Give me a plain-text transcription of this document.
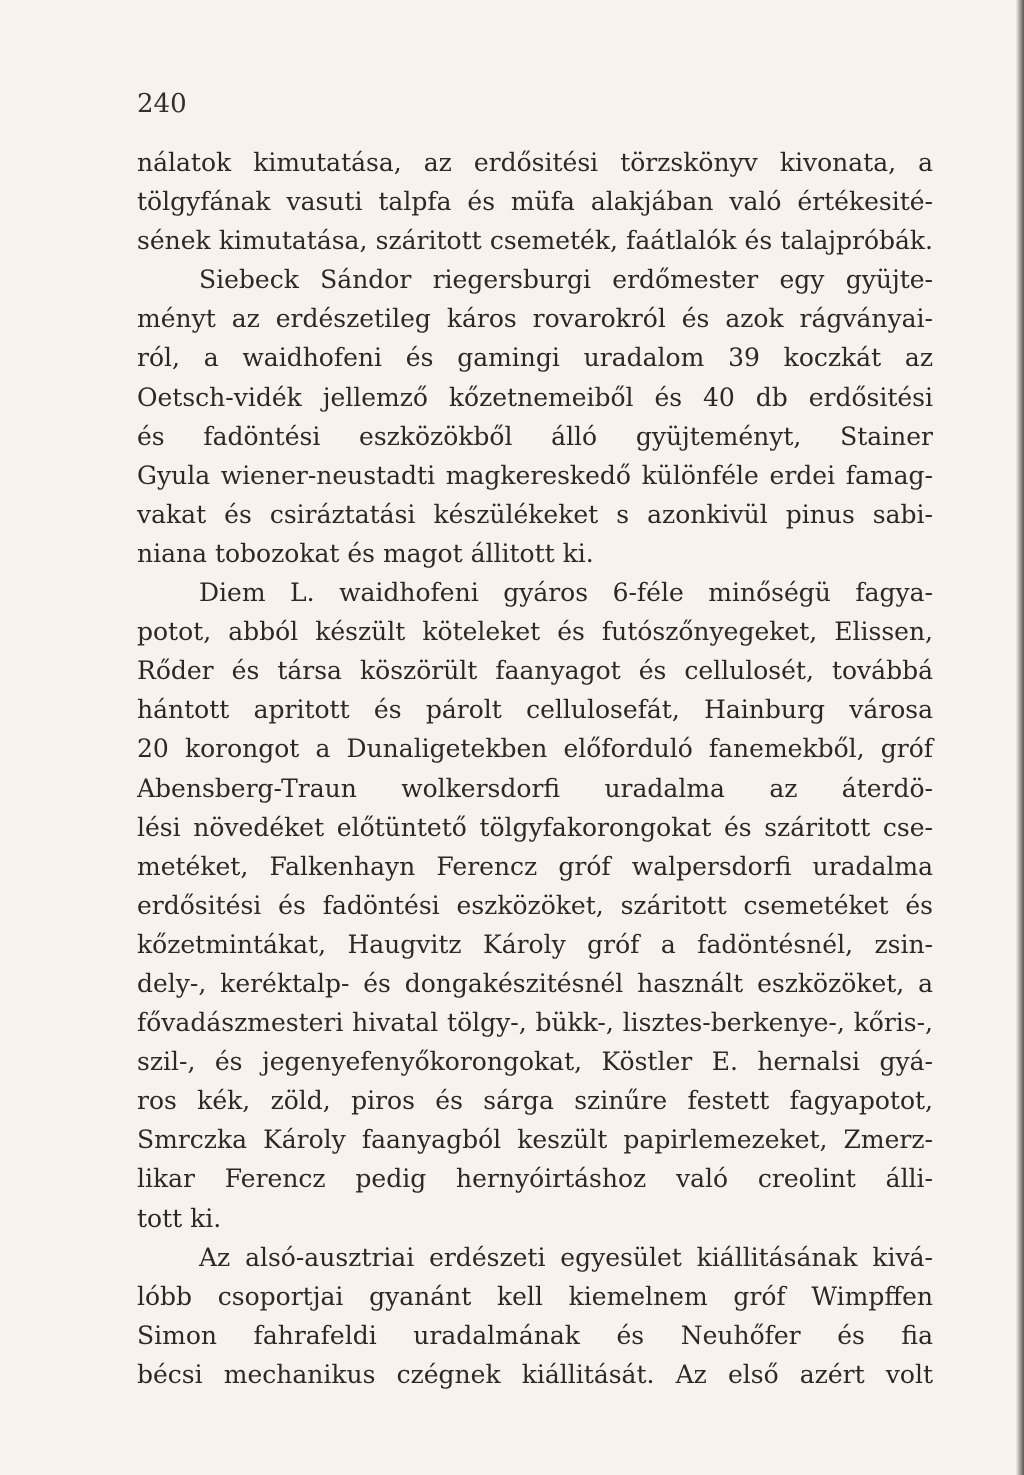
240
nálatok kimutatása, az erdősitési törzskönyv kivonata, a
tölgyfának vasuti talpfa és müfa alakjában való értékesité-
sének kimutatása, száritott csemeték, faátlalók és talajpróbák.
Siebeck Sándor riegersburgi erdőmester egy gyüjte-
ményt az erdészetileg káros rovarokról és azok rágványai-
ról, a waidhofeni és gamingi uradalom 39 koczkát az
Oetsch-vidék jellemző kőzetnemeiből és 40 db erdősitési
és fadöntési eszközökből álló gyüjteményt, Stainer
Gyula wiener-neustadti magkereskedő különféle erdei famag-
vakat és csiráztatási készülékeket s azonkivül pinus sabi-
niana tobozokat és magot állitott ki.
Diem L. waidhofeni gyáros 6-féle minőségü fagya-
potot, abból készült köteleket és futószőnyegeket, Elissen,
Rőder és társa köszörült faanyagot és cellulosét, továbbá
hántott apritott és párolt cellulosefát, Hainburg városa
20 korongot a Dunaligetekben előforduló fanemekből, gróf
Abensberg-Traun wolkersdorfi uradalma az áterdö-
lési növedéket előtüntető tölgyfakorongokat és száritott cse-
metéket, Falkenhayn Ferencz gróf walpersdorfi uradalma
erdősitési és fadöntési eszközöket, száritott csemetéket és
kőzetmintákat, Haugvitz Károly gróf a fadöntésnél, zsin-
dely-, keréktalp- és dongakészitésnél használt eszközöket, a
fővadászmesteri hivatal tölgy-, bükk-, lisztes-berkenye-, kőris-,
szil-, és jegenyefenyőkorongokat, Köstler E. hernalsi gyá-
ros kék, zöld, piros és sárga szinűre festett fagyapotot,
Smrczka Károly faanyagból keszült papirlemezeket, Zmerz-
likar Ferencz pedig hernyóirtáshoz való creolint álli-
tott ki.
Az alsó-ausztriai erdészeti egyesület kiállitásának kivá-
lóbb csoportjai gyanánt kell kiemelnem gróf Wimpffen
Simon fahrafeldi uradalmának és Neuhőfer és fia
bécsi mechanikus czégnek kiállitását. Az első azért volt
